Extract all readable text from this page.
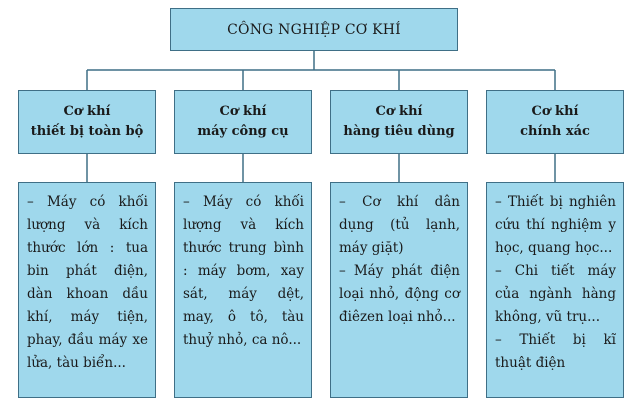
CÔNG NGHIỆP CƠ KHÍ
Cơ khí
thiết bị toàn bộ
Cơ khí
máy công cụ
Cơ khí
hàng tiêu dùng
Cơ khí
chính xác

– Máy có khối lượng và kích thước lớn : tua bin phát điện, dàn khoan dầu khí, máy tiện, phay, đầu máy xe lửa, tàu biển...

– Máy có khối lượng và kích thước trung bình : máy bơm, xay sát, máy dệt, may, ô tô, tàu thuỷ nhỏ, ca nô...

– Cơ khí dân dụng (tủ lạnh, máy giặt)

– Máy phát điện loại nhỏ, động cơ điêzen loại nhỏ...

– Thiết bị nghiên cứu thí nghiệm y học, quang học...

– Chi tiết máy của ngành hàng không, vũ trụ...

– Thiết bị kĩ thuật điện
